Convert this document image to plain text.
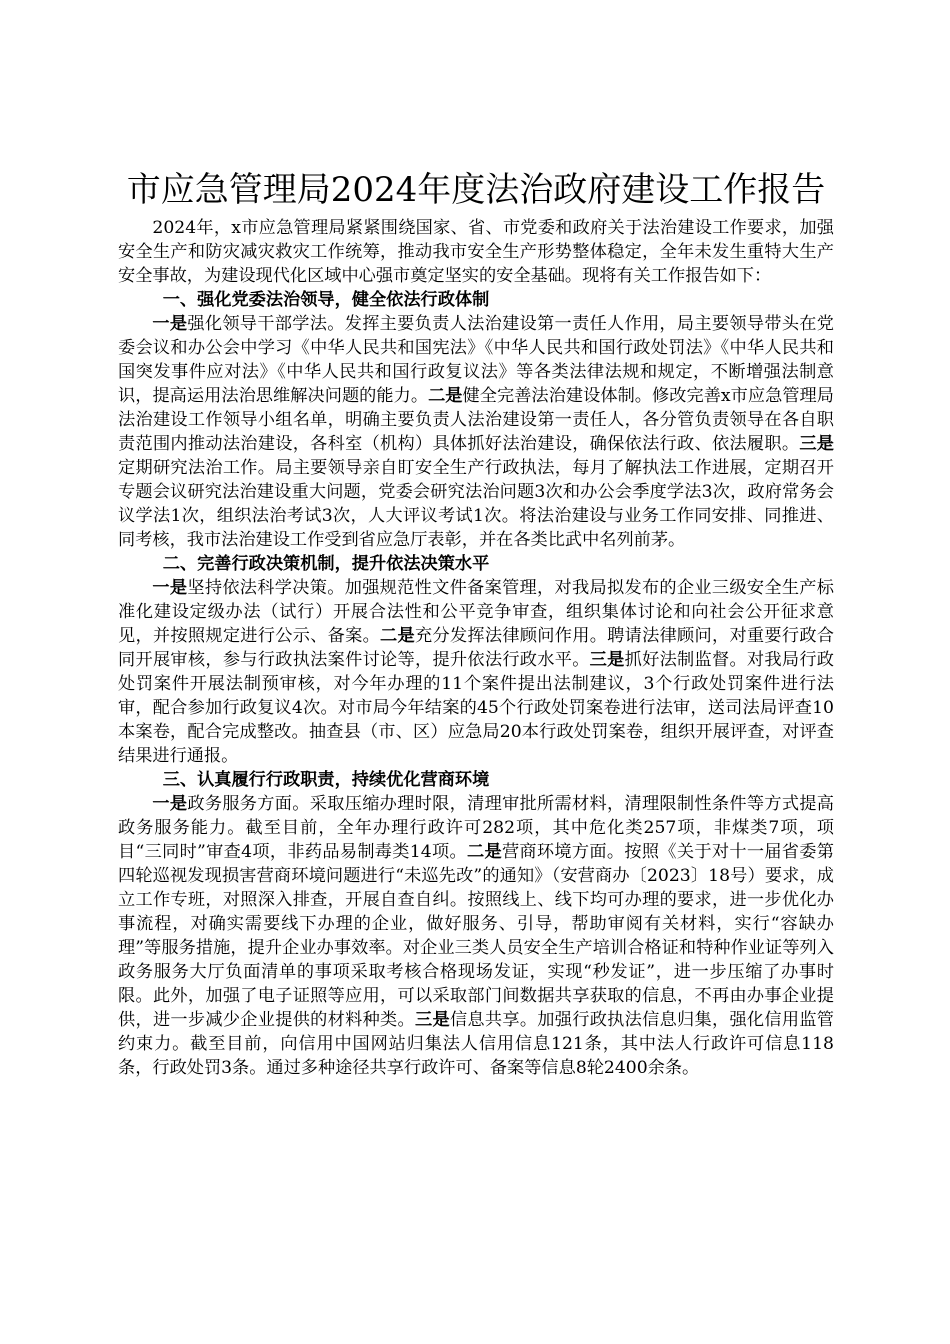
市应急管理局2024年度法治政府建设工作报告

2024年，x市应急管理局紧紧围绕国家、省、市党委和政府关于法治建设工作要求，加强安全生产和防灾减灾救灾工作统筹，推动我市安全生产形势整体稳定，全年未发生重特大生产安全事故，为建设现代化区域中心强市奠定坚实的安全基础。现将有关工作报告如下：

一、强化党委法治领导，健全依法行政体制

一是强化领导干部学法。发挥主要负责人法治建设第一责任人作用，局主要领导带头在党委会议和办公会中学习《中华人民共和国宪法》《中华人民共和国行政处罚法》《中华人民共和国突发事件应对法》《中华人民共和国行政复议法》等各类法律法规和规定，不断增强法制意识，提高运用法治思维解决问题的能力。二是健全完善法治建设体制。修改完善x市应急管理局法治建设工作领导小组名单，明确主要负责人法治建设第一责任人，各分管负责领导在各自职责范围内推动法治建设，各科室（机构）具体抓好法治建设，确保依法行政、依法履职。三是定期研究法治工作。局主要领导亲自盯安全生产行政执法，每月了解执法工作进展，定期召开专题会议研究法治建设重大问题，党委会研究法治问题3次和办公会季度学法3次，政府常务会议学法1次，组织法治考试3次，人大评议考试1次。将法治建设与业务工作同安排、同推进、同考核，我市法治建设工作受到省应急厅表彰，并在各类比武中名列前茅。

二、完善行政决策机制，提升依法决策水平

一是坚持依法科学决策。加强规范性文件备案管理，对我局拟发布的企业三级安全生产标准化建设定级办法（试行）开展合法性和公平竞争审查，组织集体讨论和向社会公开征求意见，并按照规定进行公示、备案。二是充分发挥法律顾问作用。聘请法律顾问，对重要行政合同开展审核，参与行政执法案件讨论等，提升依法行政水平。三是抓好法制监督。对我局行政处罚案件开展法制预审核，对今年办理的11个案件提出法制建议，3个行政处罚案件进行法审，配合参加行政复议4次。对市局今年结案的45个行政处罚案卷进行法审，送司法局评查10本案卷，配合完成整改。抽查县（市、区）应急局20本行政处罚案卷，组织开展评查，对评查结果进行通报。

三、认真履行行政职责，持续优化营商环境

一是政务服务方面。采取压缩办理时限，清理审批所需材料，清理限制性条件等方式提高政务服务能力。截至目前，全年办理行政许可282项，其中危化类257项，非煤类7项，项目“三同时”审查4项，非药品易制毒类14项。二是营商环境方面。按照《关于对十一届省委第四轮巡视发现损害营商环境问题进行“未巡先改”的通知》（安营商办〔2023〕18号）要求，成立工作专班，对照深入排查，开展自查自纠。按照线上、线下均可办理的要求，进一步优化办事流程，对确实需要线下办理的企业，做好服务、引导，帮助审阅有关材料，实行“容缺办理”等服务措施，提升企业办事效率。对企业三类人员安全生产培训合格证和特种作业证等列入政务服务大厅负面清单的事项采取考核合格现场发证，实现“秒发证”，进一步压缩了办事时限。此外，加强了电子证照等应用，可以采取部门间数据共享获取的信息，不再由办事企业提供，进一步减少企业提供的材料种类。三是信息共享。加强行政执法信息归集，强化信用监管约束力。截至目前，向信用中国网站归集法人信用信息121条，其中法人行政许可信息118条，行政处罚3条。通过多种途径共享行政许可、备案等信息8轮2400余条。
